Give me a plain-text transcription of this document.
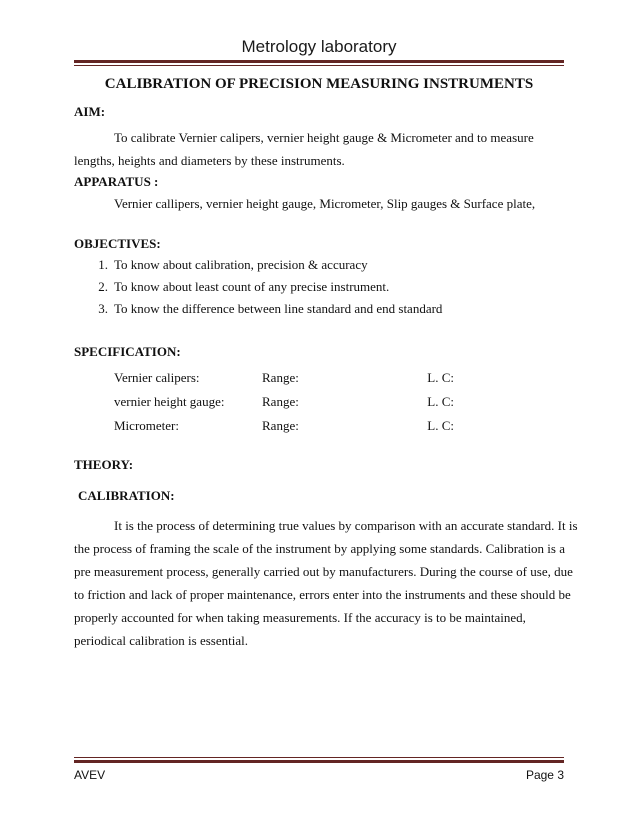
Metrology laboratory
CALIBRATION OF PRECISION MEASURING INSTRUMENTS
AIM:
To calibrate Vernier calipers, vernier height gauge & Micrometer and to measure
lengths, heights and diameters by these instruments.
APPARATUS :
Vernier callipers, vernier height gauge, Micrometer, Slip gauges & Surface plate,
OBJECTIVES:
1. To know about calibration, precision & accuracy
2. To know about least count of any precise instrument.
3. To know the difference between line standard and end standard
SPECIFICATION:
Vernier calipers:	Range:	L. C:
vernier height gauge:	Range:	L. C:
Micrometer:	Range:	L. C:
THEORY:
CALIBRATION:

It is the process of determining true values by comparison with an accurate standard. It is

the process of framing the scale of the instrument by applying some standards. Calibration is a

pre measurement process, generally carried out by manufacturers. During the course of use, due

to friction and lack of proper maintenance, errors enter into the instruments and these should be

properly accounted for when taking measurements. If the accuracy is to be maintained,

periodical calibration is essential.

AVEV	Page 3
